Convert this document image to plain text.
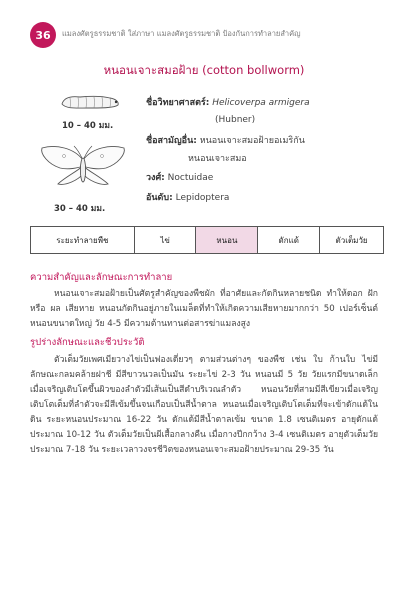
36	แมลงศัตรูธรรมชาติ ใส่ภาษา แมลงศัตรูธรรมชาติ ป้องกันการทำลายสำคัญ
หนอนเจาะสมอฝ้าย (cotton bollworm)
10 – 40 มม.
30 – 40 มม.
ชื่อวิทยาศาสตร์: Helicoverpa armigera
(Hubner)
ชื่อสามัญอื่น: หนอนเจาะสมอฝ้ายอเมริกัน
หนอนเจาะสมอ
วงศ์: Noctuidae
อันดับ: Lepidoptera
ระยะทำลายพืช	ไข่	หนอน	ดักแด้	ตัวเต็มวัย
ความสำคัญและลักษณะการทำลาย

หนอนเจาะสมอฝ้ายเป็นศัตรูสำคัญของพืชผัก ที่อาศัยและกัดกินหลายชนิด ทำให้ดอก ฝัก หรือ ผล เสียหาย หนอนกัดกินอยู่ภายในเมล็ดที่ทำให้เกิดความเสียหายมากกว่า 50 เปอร์เซ็นต์ หนอนขนาดใหญ่ วัย 4-5 มีความต้านทานต่อสารฆ่าแมลงสูง

รูปร่างลักษณะและชีวประวัติ

ตัวเต็มวัยเพศเมียวางไข่เป็นฟองเดี่ยวๆ ตามส่วนต่างๆ ของพืช เช่น ใบ ก้านใบ ไข่มีลักษณะกลมคล้ายฝาชี มีสีขาวนวลเป็นมัน ระยะไข่ 2-3 วัน หนอนมี 5 วัย วัยแรกมีขนาดเล็ก เมื่อเจริญเติบโตขึ้นผิวของลำตัวมีเส้นเป็นสีดำบริเวณลำตัว หนอนวัยที่สามมีสีเขียวเมื่อเจริญเติบโตเต็มที่ลำตัวจะมีสีเข้มขึ้นจนเกือบเป็นสีน้ำตาล หนอนเมื่อเจริญเติบโตเต็มที่จะเข้าดักแด้ในดิน ระยะหนอนประมาณ 16-22 วัน ดักแด้มีสีน้ำตาลเข้ม ขนาด 1.8 เซนติเมตร อายุดักแด้ประมาณ 10-12 วัน ตัวเต็มวัยเป็นผีเสื้อกลางคืน เมื่อกางปีกกว้าง 3-4 เซนติเมตร อายุตัวเต็มวัยประมาณ 7-18 วัน ระยะเวลาวงจรชีวิตของหนอนเจาะสมอฝ้ายประมาณ 29-35 วัน
